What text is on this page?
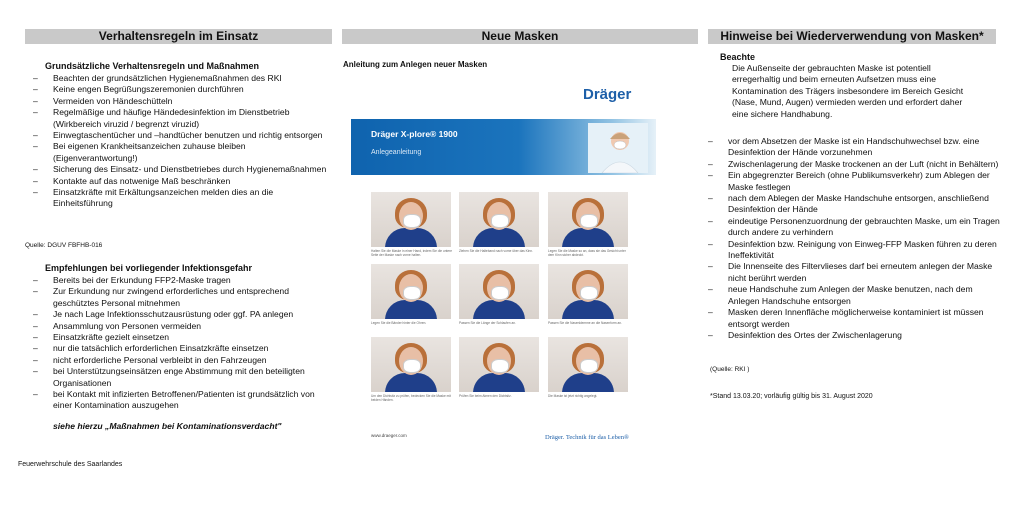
Verhaltensregeln im Einsatz
Grundsätzliche Verhaltensregeln und Maßnahmen
– Beachten der grundsätzlichen Hygienemaßnahmen des RKI
– Keine engen Begrüßungszeremonien durchführen
– Vermeiden von Händeschütteln
– Regelmäßige und häufige Händedesinfektion im Dienstbetrieb (Wirkbereich viruzid / begrenzt viruzid)
– Einwegtaschentücher und –handtücher benutzen und richtig entsorgen
– Bei eigenen Krankheitsanzeichen zuhause bleiben (Eigenverantwortung!)
– Sicherung des Einsatz- und Dienstbetriebes durch Hygienemaßnahmen
– Kontakte auf das notwenige Maß beschränken
– Einsatzkräfte mit Erkältungsanzeichen melden dies an die Einheitsführung
Quelle: DGUV FBFHB-016
Empfehlungen bei vorliegender Infektionsgefahr
– Bereits bei der Erkundung FFP2-Maske tragen
– Zur Erkundung nur zwingend erforderliches und entsprechend geschütztes Personal mitnehmen
– Je nach Lage Infektionsschutzausrüstung oder ggf. PA anlegen
– Ansammlung von Personen vermeiden
– Einsatzkräfte gezielt einsetzen
– nur die tatsächlich erforderlichen Einsatzkräfte einsetzen
– nicht erforderliche Personal verbleibt in den Fahrzeugen
– bei Unterstützungseinsätzen enge Abstimmung mit den beteiligten Organisationen
– bei Kontakt mit infizierten Betroffenen/Patienten ist grundsätzlich von einer Kontamination auszugehen
siehe hierzu „Maßnahmen bei Kontaminationsverdacht"
Feuerwehrschule des Saarlandes
Neue Masken
Anleitung zum Anlegen neuer Masken
Dräger
Dräger X-plore® 1900
Anlegeanleitung
Halten Sie die Maske in einer Hand, indem Sie die untere Seite der Maske nach vorne halten.
Ziehen Sie die Halteband nach vorne über das Kinn.	Legen Sie die Maske so an, dass sie das Gesicht unter dem Kinn sicher abdeckt.
Legen Sie die Bänder hinter die Ohren.	Passen Sie die Länge der Schlaufen an.	Passen Sie die Nasenklemme an die Nasenform an.
Um den Dichtsitz zu prüfen, bedecken Sie die Maske mit beiden Händen.
Prüfen Sie beim Atmen den Dichtsitz.	Die Maske ist jetzt richtig angelegt.
www.draeger.com	Dräger. Technik für das Leben®
Hinweise bei Wiederverwendung von Masken*
Beachte
Die Außenseite der gebrauchten Maske ist potentiell erregerhaltig und beim erneuten Aufsetzen muss eine Kontamination des Trägers insbesondere im Bereich Gesicht (Nase, Mund, Augen) vermieden werden und erfordert daher eine sichere Handhabung.
– vor dem Absetzen der Maske ist ein Handschuhwechsel bzw. eine Desinfektion der Hände vorzunehmen
– Zwischenlagerung der Maske trockenen an der Luft (nicht in Behältern)
– Ein abgegrenzter Bereich (ohne Publikumsverkehr) zum Ablegen der Maske festlegen
– nach dem Ablegen der Maske Handschuhe entsorgen, anschließend Desinfektion der Hände
– eindeutige Personenzuordnung der gebrauchten Maske, um ein Tragen durch andere zu verhindern
– Desinfektion bzw. Reinigung von Einweg-FFP Masken führen zu deren Ineffektivität
– Die Innenseite des Filtervlieses darf bei erneutem anlegen der Maske nicht berührt werden
– neue Handschuhe zum Anlegen der Maske benutzen, nach dem Anlegen Handschuhe entsorgen
– Masken deren Innenfläche möglicherweise kontaminiert ist müssen entsorgt werden
– Desinfektion des Ortes der Zwischenlagerung
(Quelle: RKI )
*Stand 13.03.20; vorläufig gültig bis 31. August 2020
